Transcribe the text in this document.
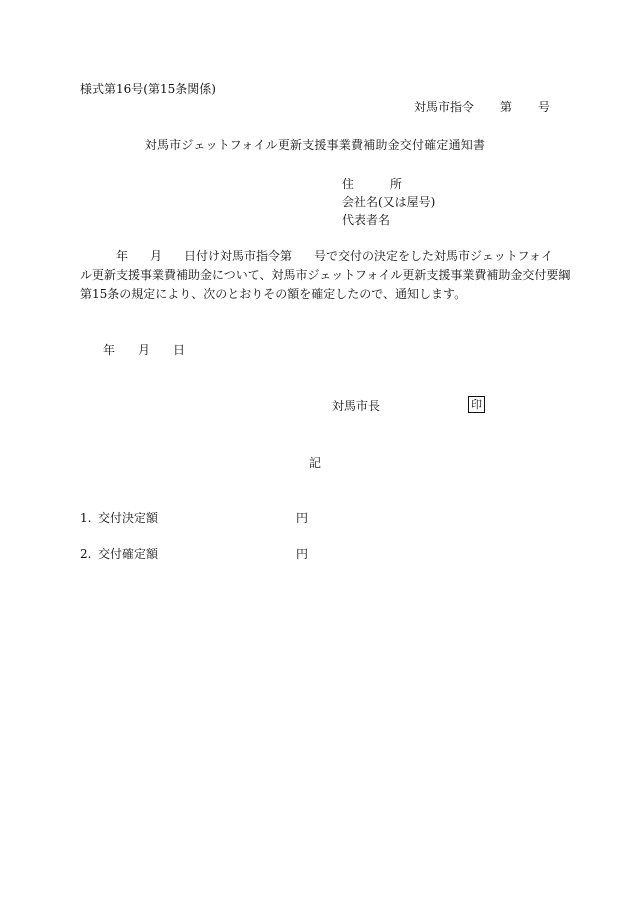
様式第16号(第15条関係)
対馬市指令 第 号
対馬市ジェットフォイル更新支援事業費補助金交付確定通知書
住	所
会社名(又は屋号)
代表者名
年 月 日付け対馬市指令第 号で交付の決定をした対馬市ジェットフォイ
ル更新支援事業費補助金について、対馬市ジェットフォイル更新支援事業費補助金交付要綱
第15条の規定により、次のとおりその額を確定したので、通知します。
年 月 日
対馬市長	印
記
1. 交付決定額	円
2. 交付確定額	円
